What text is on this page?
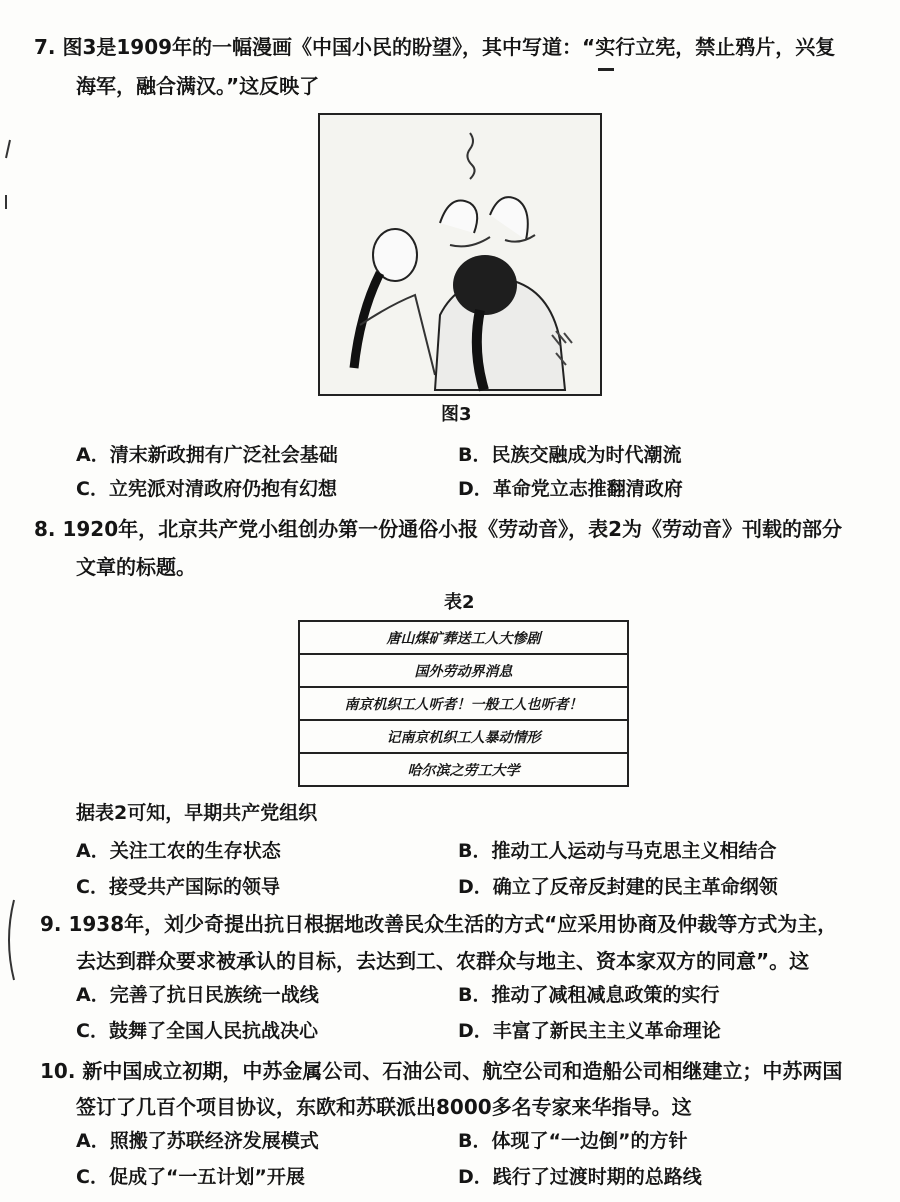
7. 图3是1909年的一幅漫画《中国小民的盼望》，其中写道：“实行立宪，禁止鸦片，兴复
海军，融合满汉。”这反映了
图3
A．清末新政拥有广泛社会基础	B．民族交融成为时代潮流
C．立宪派对清政府仍抱有幻想	D．革命党立志推翻清政府
8. 1920年，北京共产党小组创办第一份通俗小报《劳动音》，表2为《劳动音》刊载的部分
文章的标题。
表2
唐山煤矿葬送工人大惨剧
国外劳动界消息
南京机织工人听者！一般工人也听者！
记南京机织工人暴动情形
哈尔滨之劳工大学
据表2可知，早期共产党组织
A．关注工农的生存状态	B．推动工人运动与马克思主义相结合
C．接受共产国际的领导	D．确立了反帝反封建的民主革命纲领
9. 1938年，刘少奇提出抗日根据地改善民众生活的方式“应采用协商及仲裁等方式为主，
去达到群众要求被承认的目标，去达到工、农群众与地主、资本家双方的同意”。这
A．完善了抗日民族统一战线	B．推动了减租减息政策的实行
C．鼓舞了全国人民抗战决心	D．丰富了新民主主义革命理论
10. 新中国成立初期，中苏金属公司、石油公司、航空公司和造船公司相继建立；中苏两国
签订了几百个项目协议，东欧和苏联派出8000多名专家来华指导。这
A．照搬了苏联经济发展模式	B．体现了“一边倒”的方针
C．促成了“一五计划”开展	D．践行了过渡时期的总路线
